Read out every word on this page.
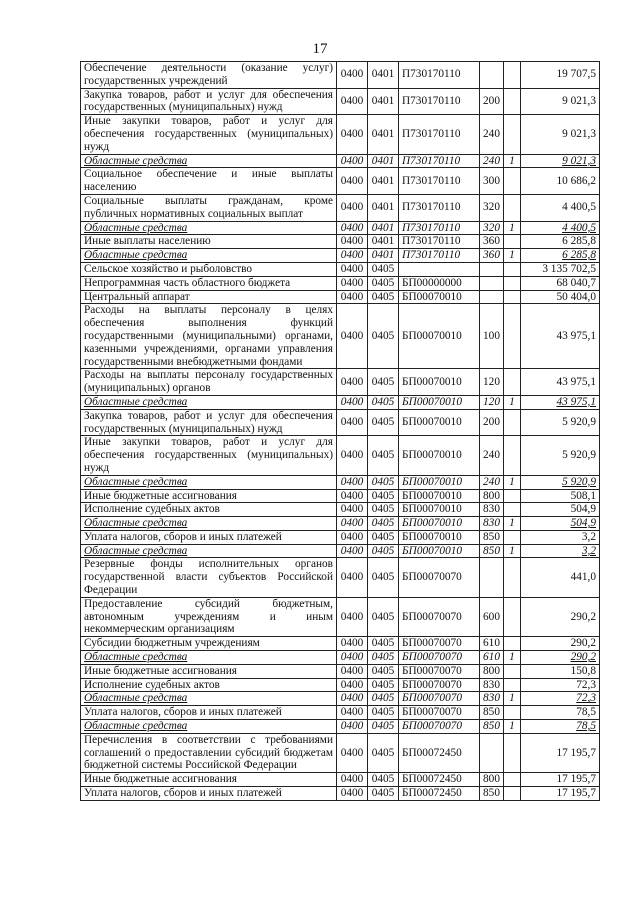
17
Обеспечение деятельности (оказание услуг) государственных учреждений	0400	0401	П730170110			19 707,5
Закупка товаров, работ и услуг для обеспечения государственных (муниципальных) нужд	0400	0401	П730170110	200		9 021,3
Иные закупки товаров, работ и услуг для обеспечения государственных (муниципальных) нужд	0400	0401	П730170110	240		9 021,3
Областные средства	0400	0401	П730170110	240	1	9 021,3
Социальное обеспечение и иные выплаты населению	0400	0401	П730170110	300		10 686,2
Социальные выплаты гражданам, кроме публичных нормативных социальных выплат	0400	0401	П730170110	320		4 400,5
Областные средства	0400	0401	П730170110	320	1	4 400,5
Иные выплаты населению	0400	0401	П730170110	360		6 285,8
Областные средства	0400	0401	П730170110	360	1	6 285,8
Сельское хозяйство и рыболовство	0400	0405				3 135 702,5
Непрограммная часть областного бюджета	0400	0405	БП00000000			68 040,7
Центральный аппарат	0400	0405	БП00070010			50 404,0
Расходы на выплаты персоналу в целях обеспечения выполнения функций государственными (муниципальными) органами, казенными учреждениями, органами управления государственными внебюджетными фондами	0400	0405	БП00070010	100		43 975,1
Расходы на выплаты персоналу государственных (муниципальных) органов	0400	0405	БП00070010	120		43 975,1
Областные средства	0400	0405	БП00070010	120	1	43 975,1
Закупка товаров, работ и услуг для обеспечения государственных (муниципальных) нужд	0400	0405	БП00070010	200		5 920,9
Иные закупки товаров, работ и услуг для обеспечения государственных (муниципальных) нужд	0400	0405	БП00070010	240		5 920,9
Областные средства	0400	0405	БП00070010	240	1	5 920,9
Иные бюджетные ассигнования	0400	0405	БП00070010	800		508,1
Исполнение судебных актов	0400	0405	БП00070010	830		504,9
Областные средства	0400	0405	БП00070010	830	1	504,9
Уплата налогов, сборов и иных платежей	0400	0405	БП00070010	850		3,2
Областные средства	0400	0405	БП00070010	850	1	3,2
Резервные фонды исполнительных органов государственной власти субъектов Российской Федерации	0400	0405	БП00070070			441,0
Предоставление субсидий бюджетным, автономным учреждениям и иным некоммерческим организациям	0400	0405	БП00070070	600		290,2
Субсидии бюджетным учреждениям	0400	0405	БП00070070	610		290,2
Областные средства	0400	0405	БП00070070	610	1	290,2
Иные бюджетные ассигнования	0400	0405	БП00070070	800		150,8
Исполнение судебных актов	0400	0405	БП00070070	830		72,3
Областные средства	0400	0405	БП00070070	830	1	72,3
Уплата налогов, сборов и иных платежей	0400	0405	БП00070070	850		78,5
Областные средства	0400	0405	БП00070070	850	1	78,5
Перечисления в соответствии с требованиями соглашений о предоставлении субсидий бюджетам бюджетной системы Российской Федерации	0400	0405	БП00072450			17 195,7
Иные бюджетные ассигнования	0400	0405	БП00072450	800		17 195,7
Уплата налогов, сборов и иных платежей	0400	0405	БП00072450	850		17 195,7
